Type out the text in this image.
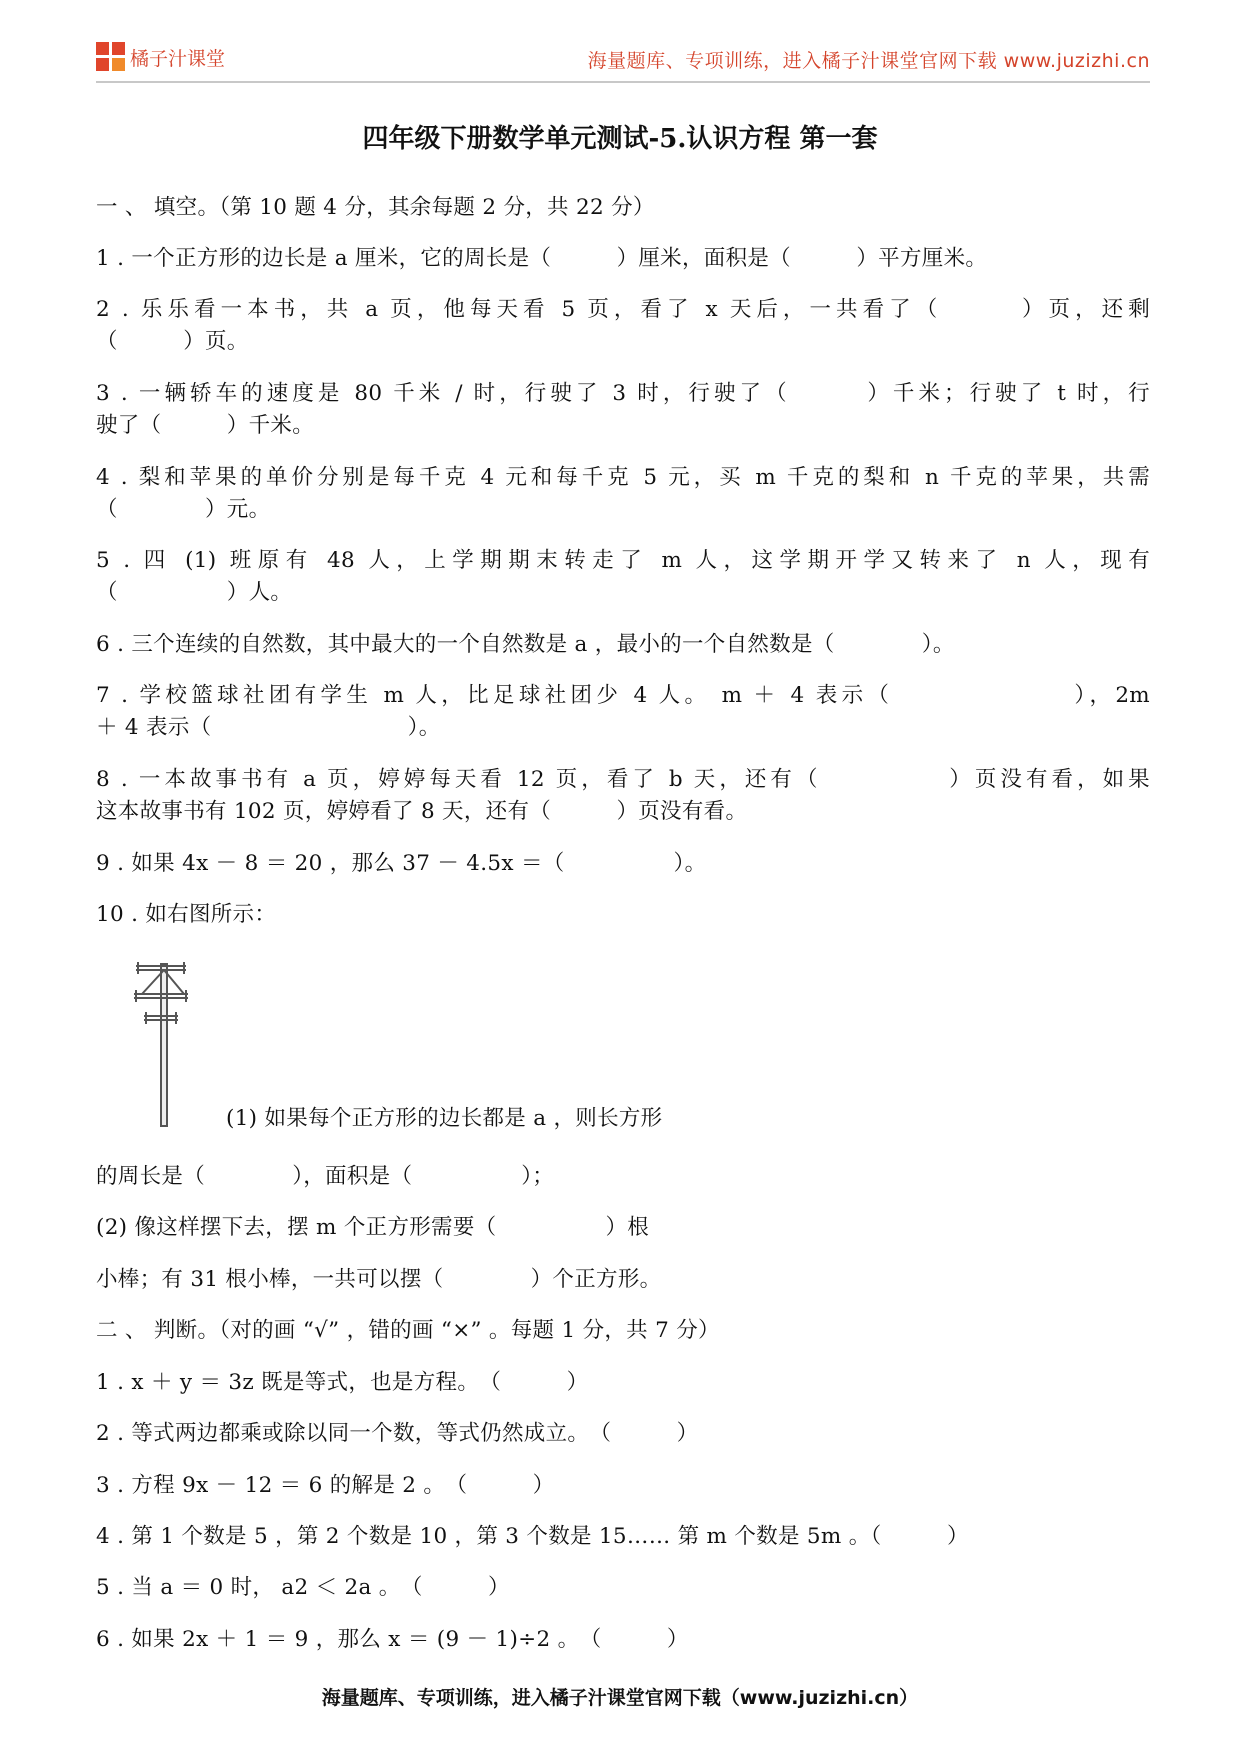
橘子汁课堂	海量题库、专项训练，进入橘子汁课堂官网下载 www.juzizhi.cn
四年级下册数学单元测试-5.认识方程 第一套
一 、 填空。（第 10 题 4 分，其余每题 2 分，共 22 分）
1 . 一个正方形的边长是 a 厘米，它的周长是（　　　）厘米，面积是（　　　）平方厘米。
2 . 乐乐看一本书，共 a 页，他每天看 5 页，看了 x 天后，一共看了（　　　）页，还剩
（　　　）页。
3 . 一辆轿车的速度是 80 千米 / 时，行驶了 3 时，行驶了（　　　）千米；行驶了 t 时，行
驶了（　　　）千米。
4 . 梨和苹果的单价分别是每千克 4 元和每千克 5 元，买 m 千克的梨和 n 千克的苹果，共需
（　　　　）元。
5 . 四 (1) 班原有 48 人，上学期期末转走了 m 人，这学期开学又转来了 n 人，现有
（　　　　　）人。
6 . 三个连续的自然数，其中最大的一个自然数是 a ，最小的一个自然数是（　　　　）。
7 . 学校篮球社团有学生 m 人，比足球社团少 4 人。 m ＋ 4 表示（　　　　　　　），2m
＋ 4 表示（　　　　　　　　　）。
8 . 一本故事书有 a 页，婷婷每天看 12 页，看了 b 天，还有（　　　　　）页没有看，如果
这本故事书有 102 页，婷婷看了 8 天，还有（　　　）页没有看。
9 . 如果 4x － 8 ＝ 20 ，那么 37 － 4.5x ＝（　　　　　）。
10 . 如右图所示：
(1) 如果每个正方形的边长都是 a ，则长方形
的周长是（　　　　），面积是（　　　　　）；
(2) 像这样摆下去，摆 m 个正方形需要（　　　　　）根
小棒；有 31 根小棒，一共可以摆（　　　　）个正方形。
二 、 判断。（对的画 “√” ，错的画 “×” 。每题 1 分，共 7 分）
1 . x ＋ y ＝ 3z 既是等式，也是方程。　（　　　）
2 . 等式两边都乘或除以同一个数，等式仍然成立。　（　　　）
3 . 方程 9x － 12 ＝ 6 的解是 2 。　（　　　）
4 . 第 1 个数是 5 ，第 2 个数是 10 ，第 3 个数是 15…… 第 m 个数是 5m 。（　　　）
5 . 当 a ＝ 0 时， a2 ＜ 2a 。　（　　　）
6 . 如果 2x ＋ 1 ＝ 9 ，那么 x ＝ (9 － 1)÷2 。　（　　　）
海量题库、专项训练，进入橘子汁课堂官网下载（www.juzizhi.cn）
